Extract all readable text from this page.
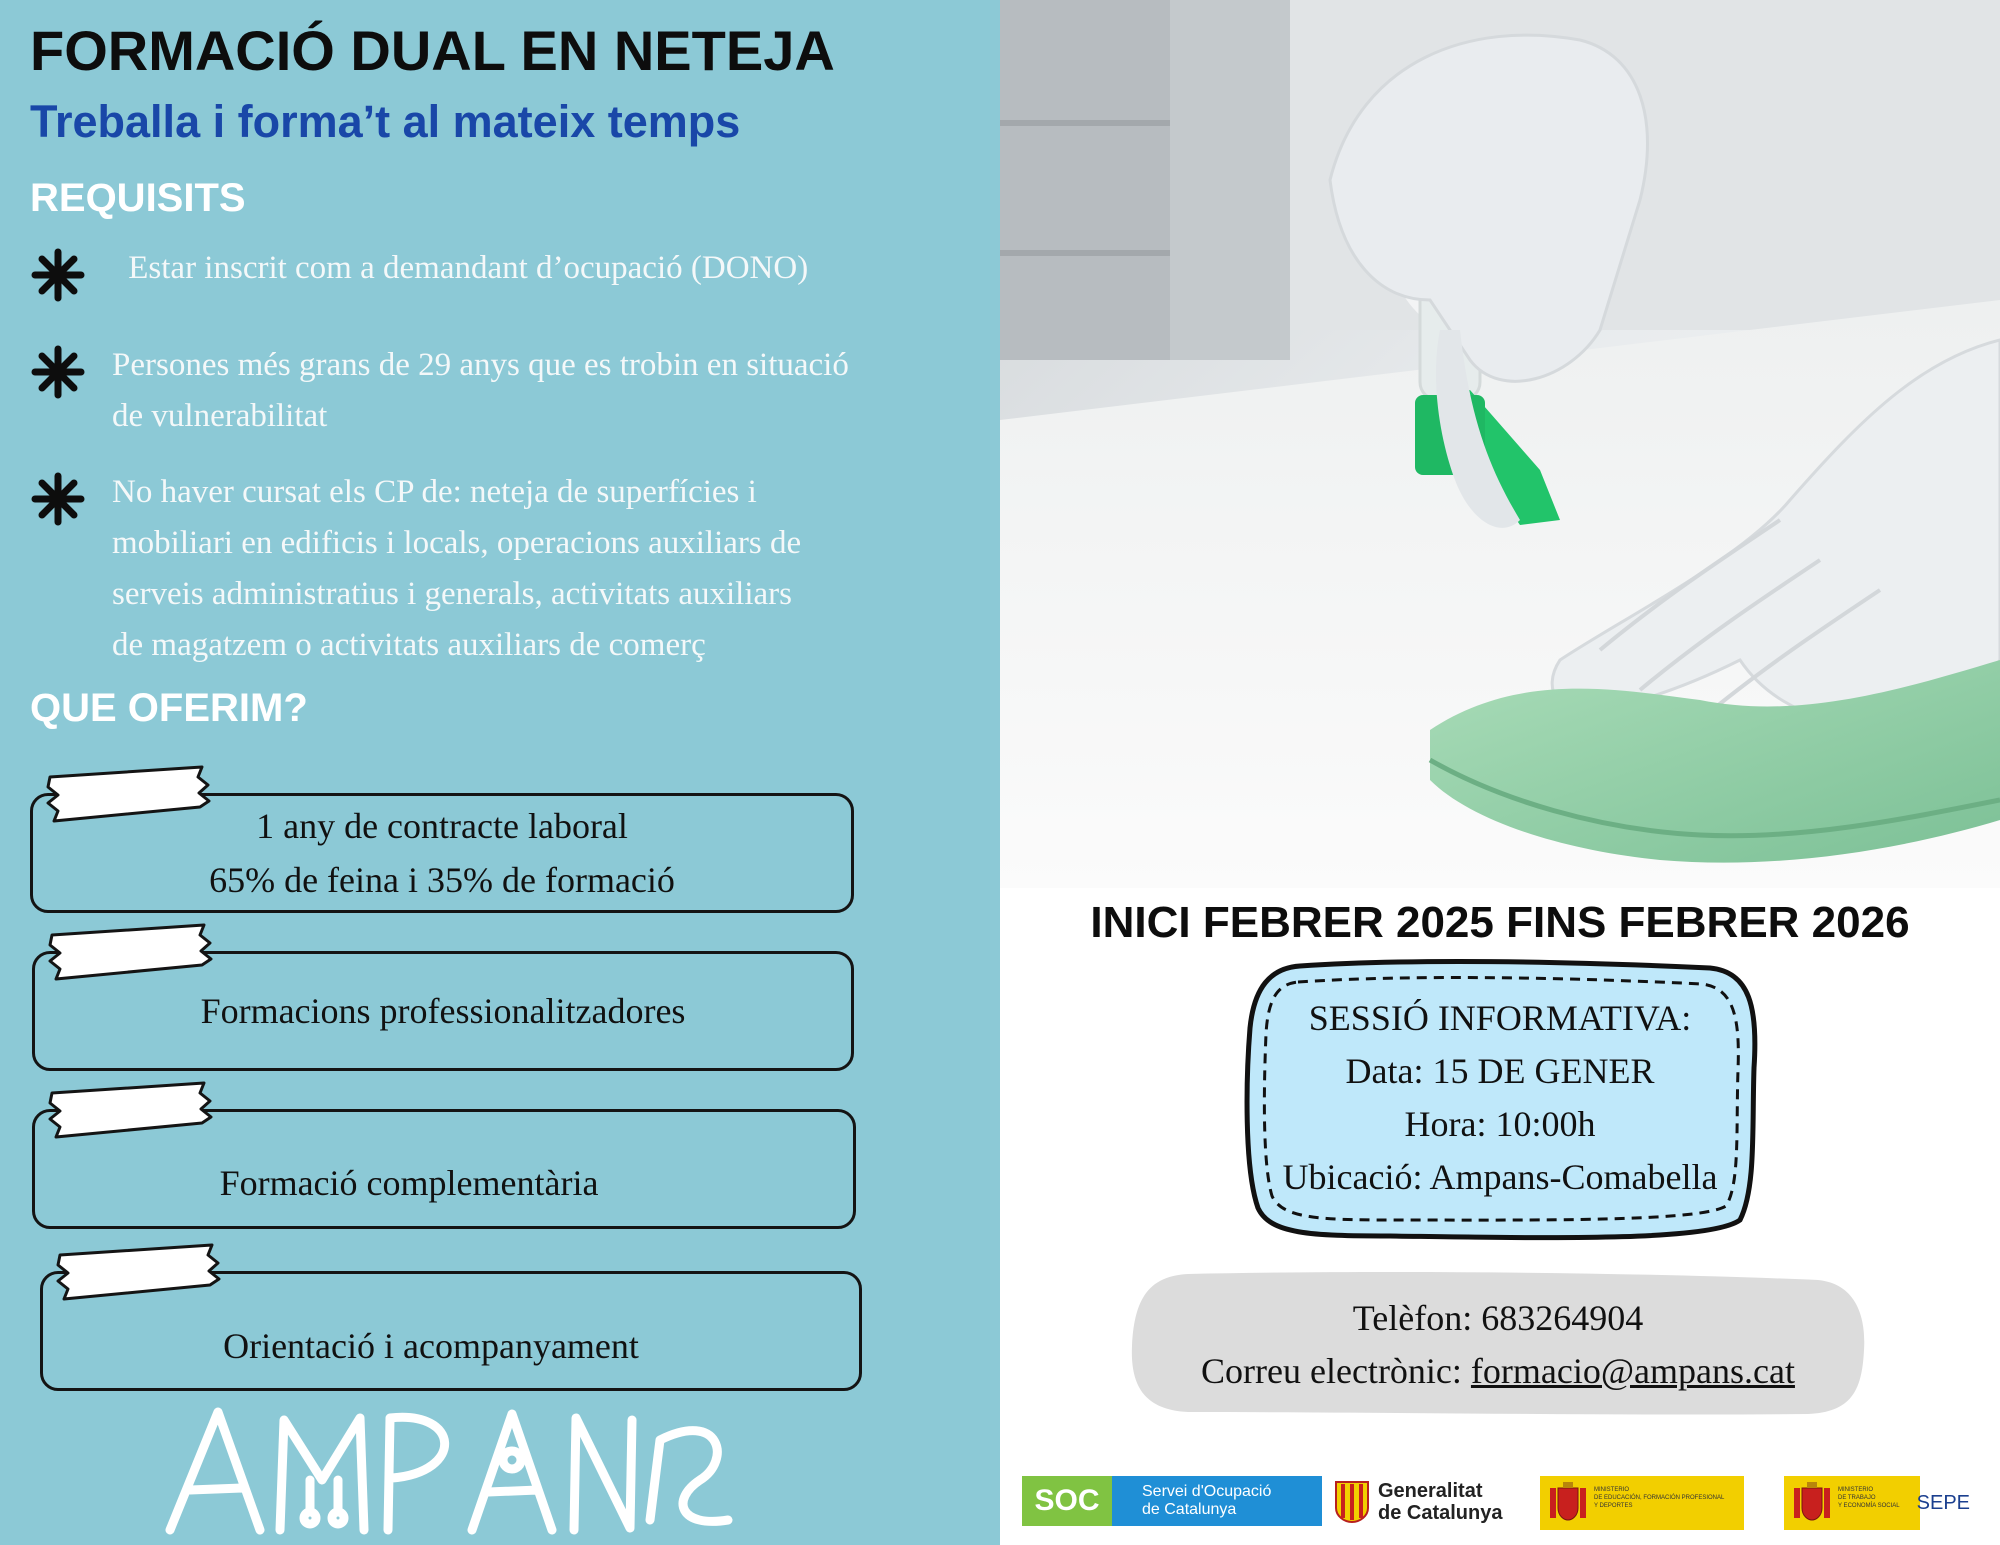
FORMACIÓ DUAL EN NETEJA
Treballa i forma’t al mateix temps
REQUISITS
Estar inscrit com a demandant d’ocupació (DONO)
Persones més grans de 29 anys que es trobin en situació
de vulnerabilitat
No haver cursat els CP de: neteja de superfícies i
mobiliari en edificis i locals, operacions auxiliars de
serveis administratius i generals, activitats auxiliars
de magatzem o activitats auxiliars de comerç
QUE OFERIM?
1 any de contracte laboral
65% de feina i 35% de formació
Formacions professionalitzadores
Formació complementària
Orientació i acompanyament
INICI FEBRER 2025 FINS FEBRER 2026
SESSIÓ INFORMATIVA:
Data: 15 DE GENER
Hora: 10:00h
Ubicació: Ampans-Comabella
Telèfon: 683264904
Correu electrònic: formacio@ampans.cat
SOC	Servei d'Ocupació
de Catalunya
Generalitat
de Catalunya
MINISTERIO
DE EDUCACIÓN, FORMACIÓN PROFESIONAL
Y DEPORTES
MINISTERIO
DE TRABAJO
Y ECONOMÍA SOCIAL SEPE
